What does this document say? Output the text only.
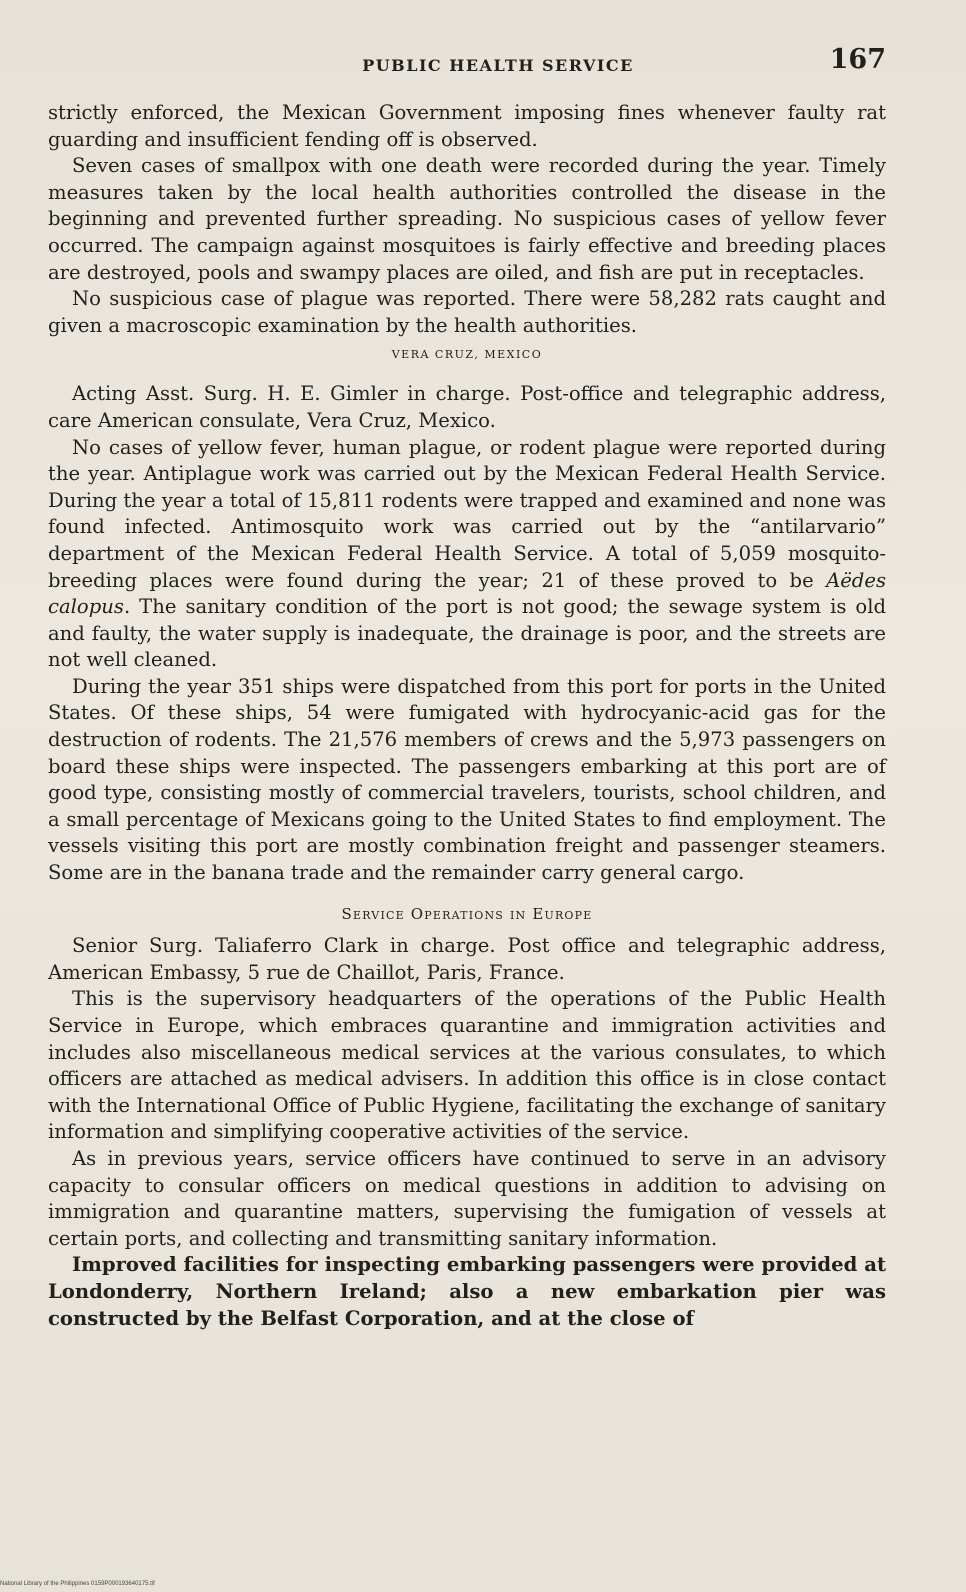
PUBLIC HEALTH SERVICE	167

strictly enforced, the Mexican Government imposing fines whenever faulty rat guarding and insufficient fending off is observed.

Seven cases of smallpox with one death were recorded during the year. Timely measures taken by the local health authorities controlled the disease in the beginning and prevented further spreading. No suspicious cases of yellow fever occurred. The campaign against mosquitoes is fairly effective and breeding places are destroyed, pools and swampy places are oiled, and fish are put in receptacles.

No suspicious case of plague was reported. There were 58,282 rats caught and given a macroscopic examination by the health authorities.

VERA CRUZ, MEXICO

Acting Asst. Surg. H. E. Gimler in charge. Post-office and telegraphic address, care American consulate, Vera Cruz, Mexico.

No cases of yellow fever, human plague, or rodent plague were reported during the year. Antiplague work was carried out by the Mexican Federal Health Service. During the year a total of 15,811 rodents were trapped and examined and none was found infected. Antimosquito work was carried out by the “antilarvario” department of the Mexican Federal Health Service. A total of 5,059 mosquito-breeding places were found during the year; 21 of these proved to be Aëdes calopus. The sanitary condition of the port is not good; the sewage system is old and faulty, the water supply is inadequate, the drainage is poor, and the streets are not well cleaned.

During the year 351 ships were dispatched from this port for ports in the United States. Of these ships, 54 were fumigated with hydrocyanic-acid gas for the destruction of rodents. The 21,576 members of crews and the 5,973 passengers on board these ships were inspected. The passengers embarking at this port are of good type, consisting mostly of commercial travelers, tourists, school children, and a small percentage of Mexicans going to the United States to find employment. The vessels visiting this port are mostly combination freight and passenger steamers. Some are in the banana trade and the remainder carry general cargo.

Service Operations in Europe

Senior Surg. Taliaferro Clark in charge. Post office and telegraphic address, American Embassy, 5 rue de Chaillot, Paris, France.

This is the supervisory headquarters of the operations of the Public Health Service in Europe, which embraces quarantine and immigration activities and includes also miscellaneous medical services at the various consulates, to which officers are attached as medical advisers. In addition this office is in close contact with the International Office of Public Hygiene, facilitating the exchange of sanitary information and simplifying cooperative activities of the service.

As in previous years, service officers have continued to serve in an advisory capacity to consular officers on medical questions in addition to advising on immigration and quarantine matters, supervising the fumigation of vessels at certain ports, and collecting and transmitting sanitary information.

Improved facilities for inspecting embarking passengers were provided at Londonderry, Northern Ireland; also a new embarkation pier was constructed by the Belfast Corporation, and at the close of

National Library of the Philippines 0159P000193640175.tif
